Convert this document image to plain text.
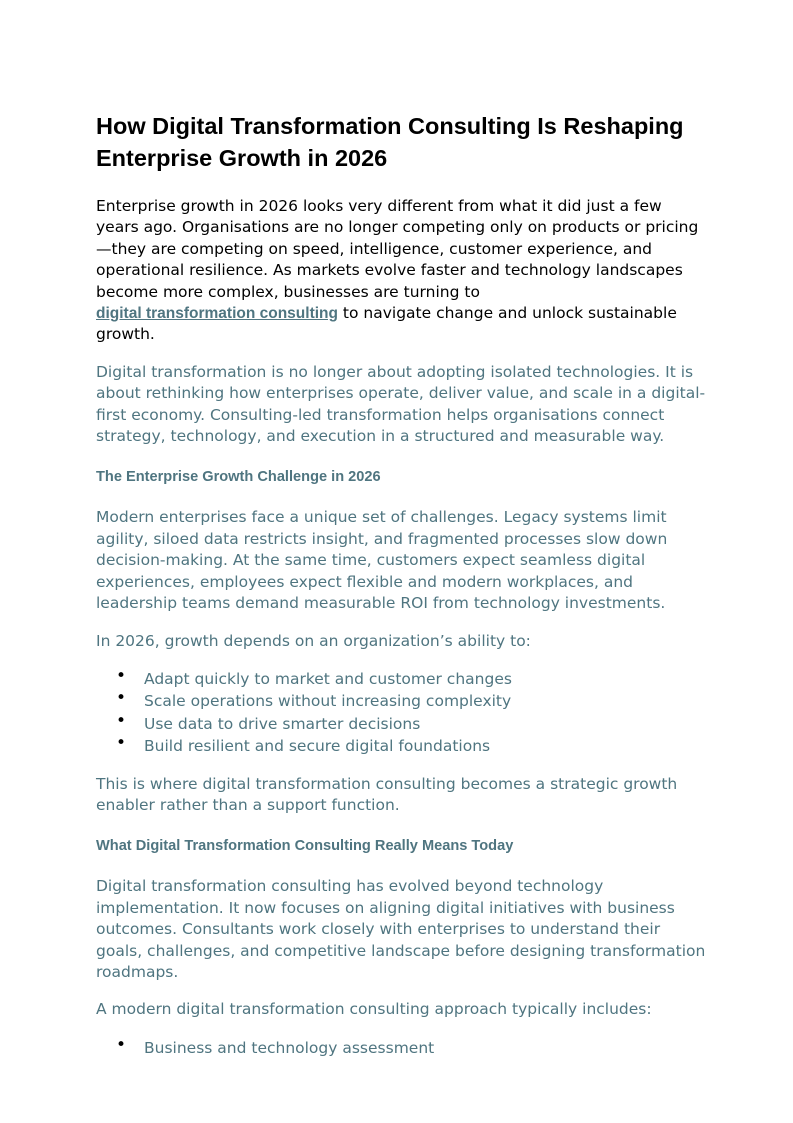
How Digital Transformation Consulting Is Reshaping Enterprise Growth in 2026

Enterprise growth in 2026 looks very different from what it did just a few years ago. Organisations are no longer competing only on products or pricing—they are competing on speed, intelligence, customer experience, and operational resilience. As markets evolve faster and technology landscapes become more complex, businesses are turning to
digital transformation consulting to navigate change and unlock sustainable growth.

Digital transformation is no longer about adopting isolated technologies. It is about rethinking how enterprises operate, deliver value, and scale in a digital-first economy. Consulting-led transformation helps organisations connect strategy, technology, and execution in a structured and measurable way.

The Enterprise Growth Challenge in 2026

Modern enterprises face a unique set of challenges. Legacy systems limit agility, siloed data restricts insight, and fragmented processes slow down decision-making. At the same time, customers expect seamless digital experiences, employees expect flexible and modern workplaces, and leadership teams demand measurable ROI from technology investments.

In 2026, growth depends on an organization’s ability to:

• Adapt quickly to market and customer changes
• Scale operations without increasing complexity
• Use data to drive smarter decisions
• Build resilient and secure digital foundations

This is where digital transformation consulting becomes a strategic growth enabler rather than a support function.

What Digital Transformation Consulting Really Means Today

Digital transformation consulting has evolved beyond technology implementation. It now focuses on aligning digital initiatives with business outcomes. Consultants work closely with enterprises to understand their goals, challenges, and competitive landscape before designing transformation roadmaps.

A modern digital transformation consulting approach typically includes:

• Business and technology assessment
